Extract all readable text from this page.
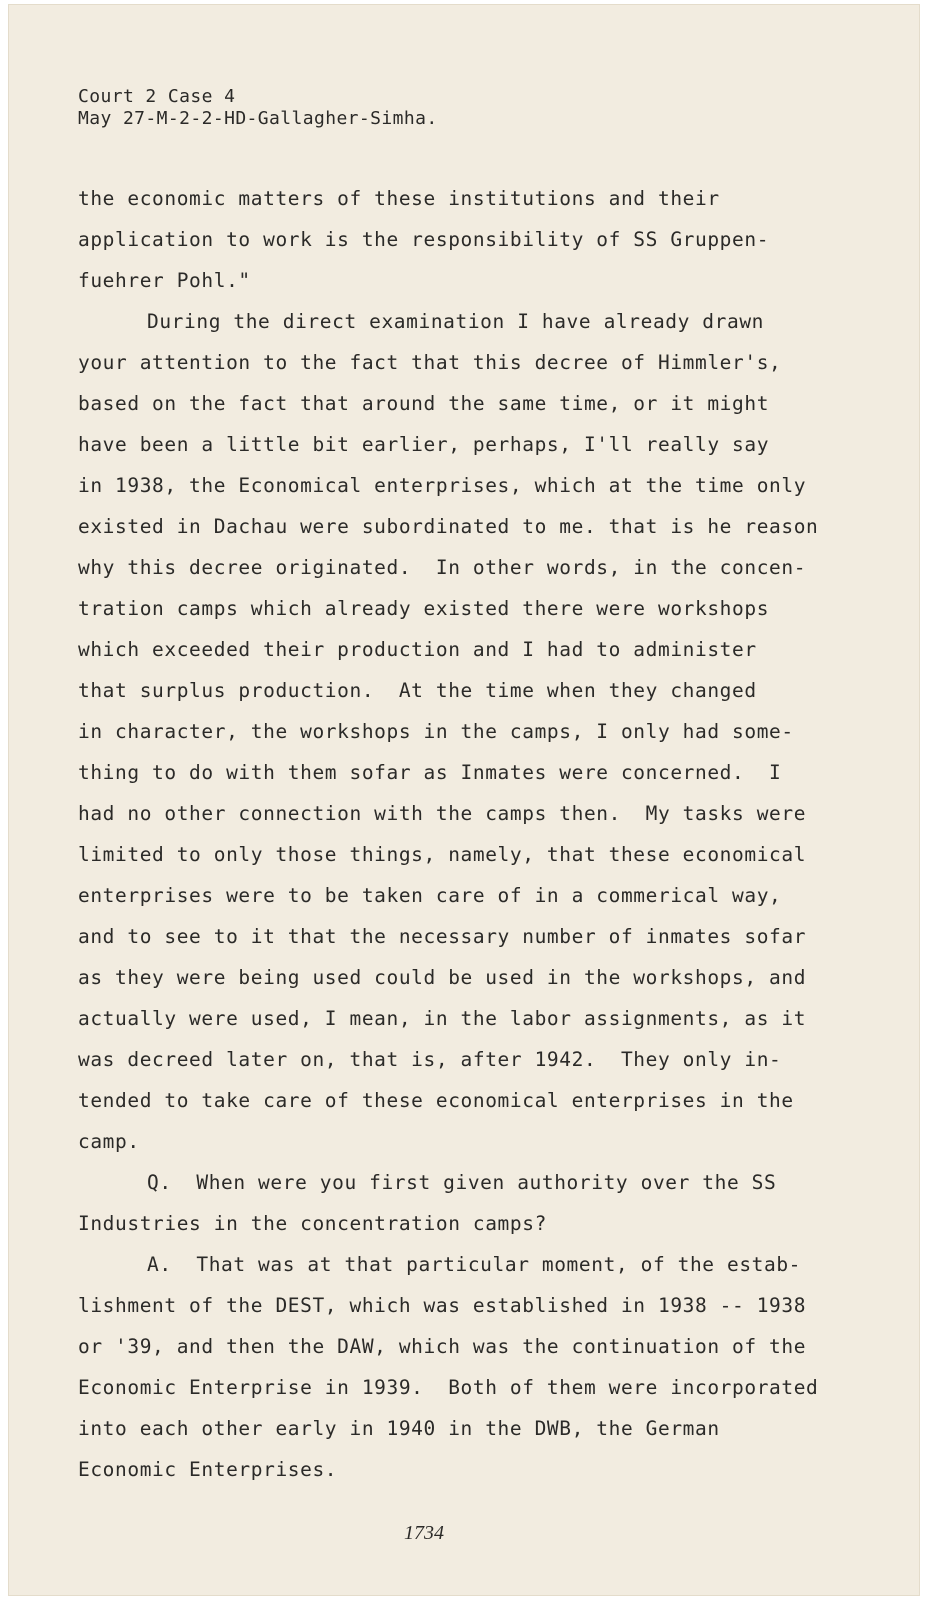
Court 2 Case 4
May 27-M-2-2-HD-Gallagher-Simha.
the economic matters of these institutions and their
application to work is the responsibility of SS Gruppen-
fuehrer Pohl."
During the direct examination I have already drawn
your attention to the fact that this decree of Himmler's,
based on the fact that around the same time, or it might
have been a little bit earlier, perhaps, I'll really say
in 1938, the Economical enterprises, which at the time only
existed in Dachau were subordinated to me. that is he reason
why this decree originated.  In other words, in the concen-
tration camps which already existed there were workshops
which exceeded their production and I had to administer
that surplus production.  At the time when they changed
in character, the workshops in the camps, I only had some-
thing to do with them sofar as Inmates were concerned.  I
had no other connection with the camps then.  My tasks were
limited to only those things, namely, that these economical
enterprises were to be taken care of in a commerical way,
and to see to it that the necessary number of inmates sofar
as they were being used could be used in the workshops, and
actually were used, I mean, in the labor assignments, as it
was decreed later on, that is, after 1942.  They only in-
tended to take care of these economical enterprises in the
camp.
Q.  When were you first given authority over the SS
Industries in the concentration camps?
A.  That was at that particular moment, of the estab-
lishment of the DEST, which was established in 1938 -- 1938
or '39, and then the DAW, which was the continuation of the
Economic Enterprise in 1939.  Both of them were incorporated
into each other early in 1940 in the DWB, the German
Economic Enterprises.
1734
